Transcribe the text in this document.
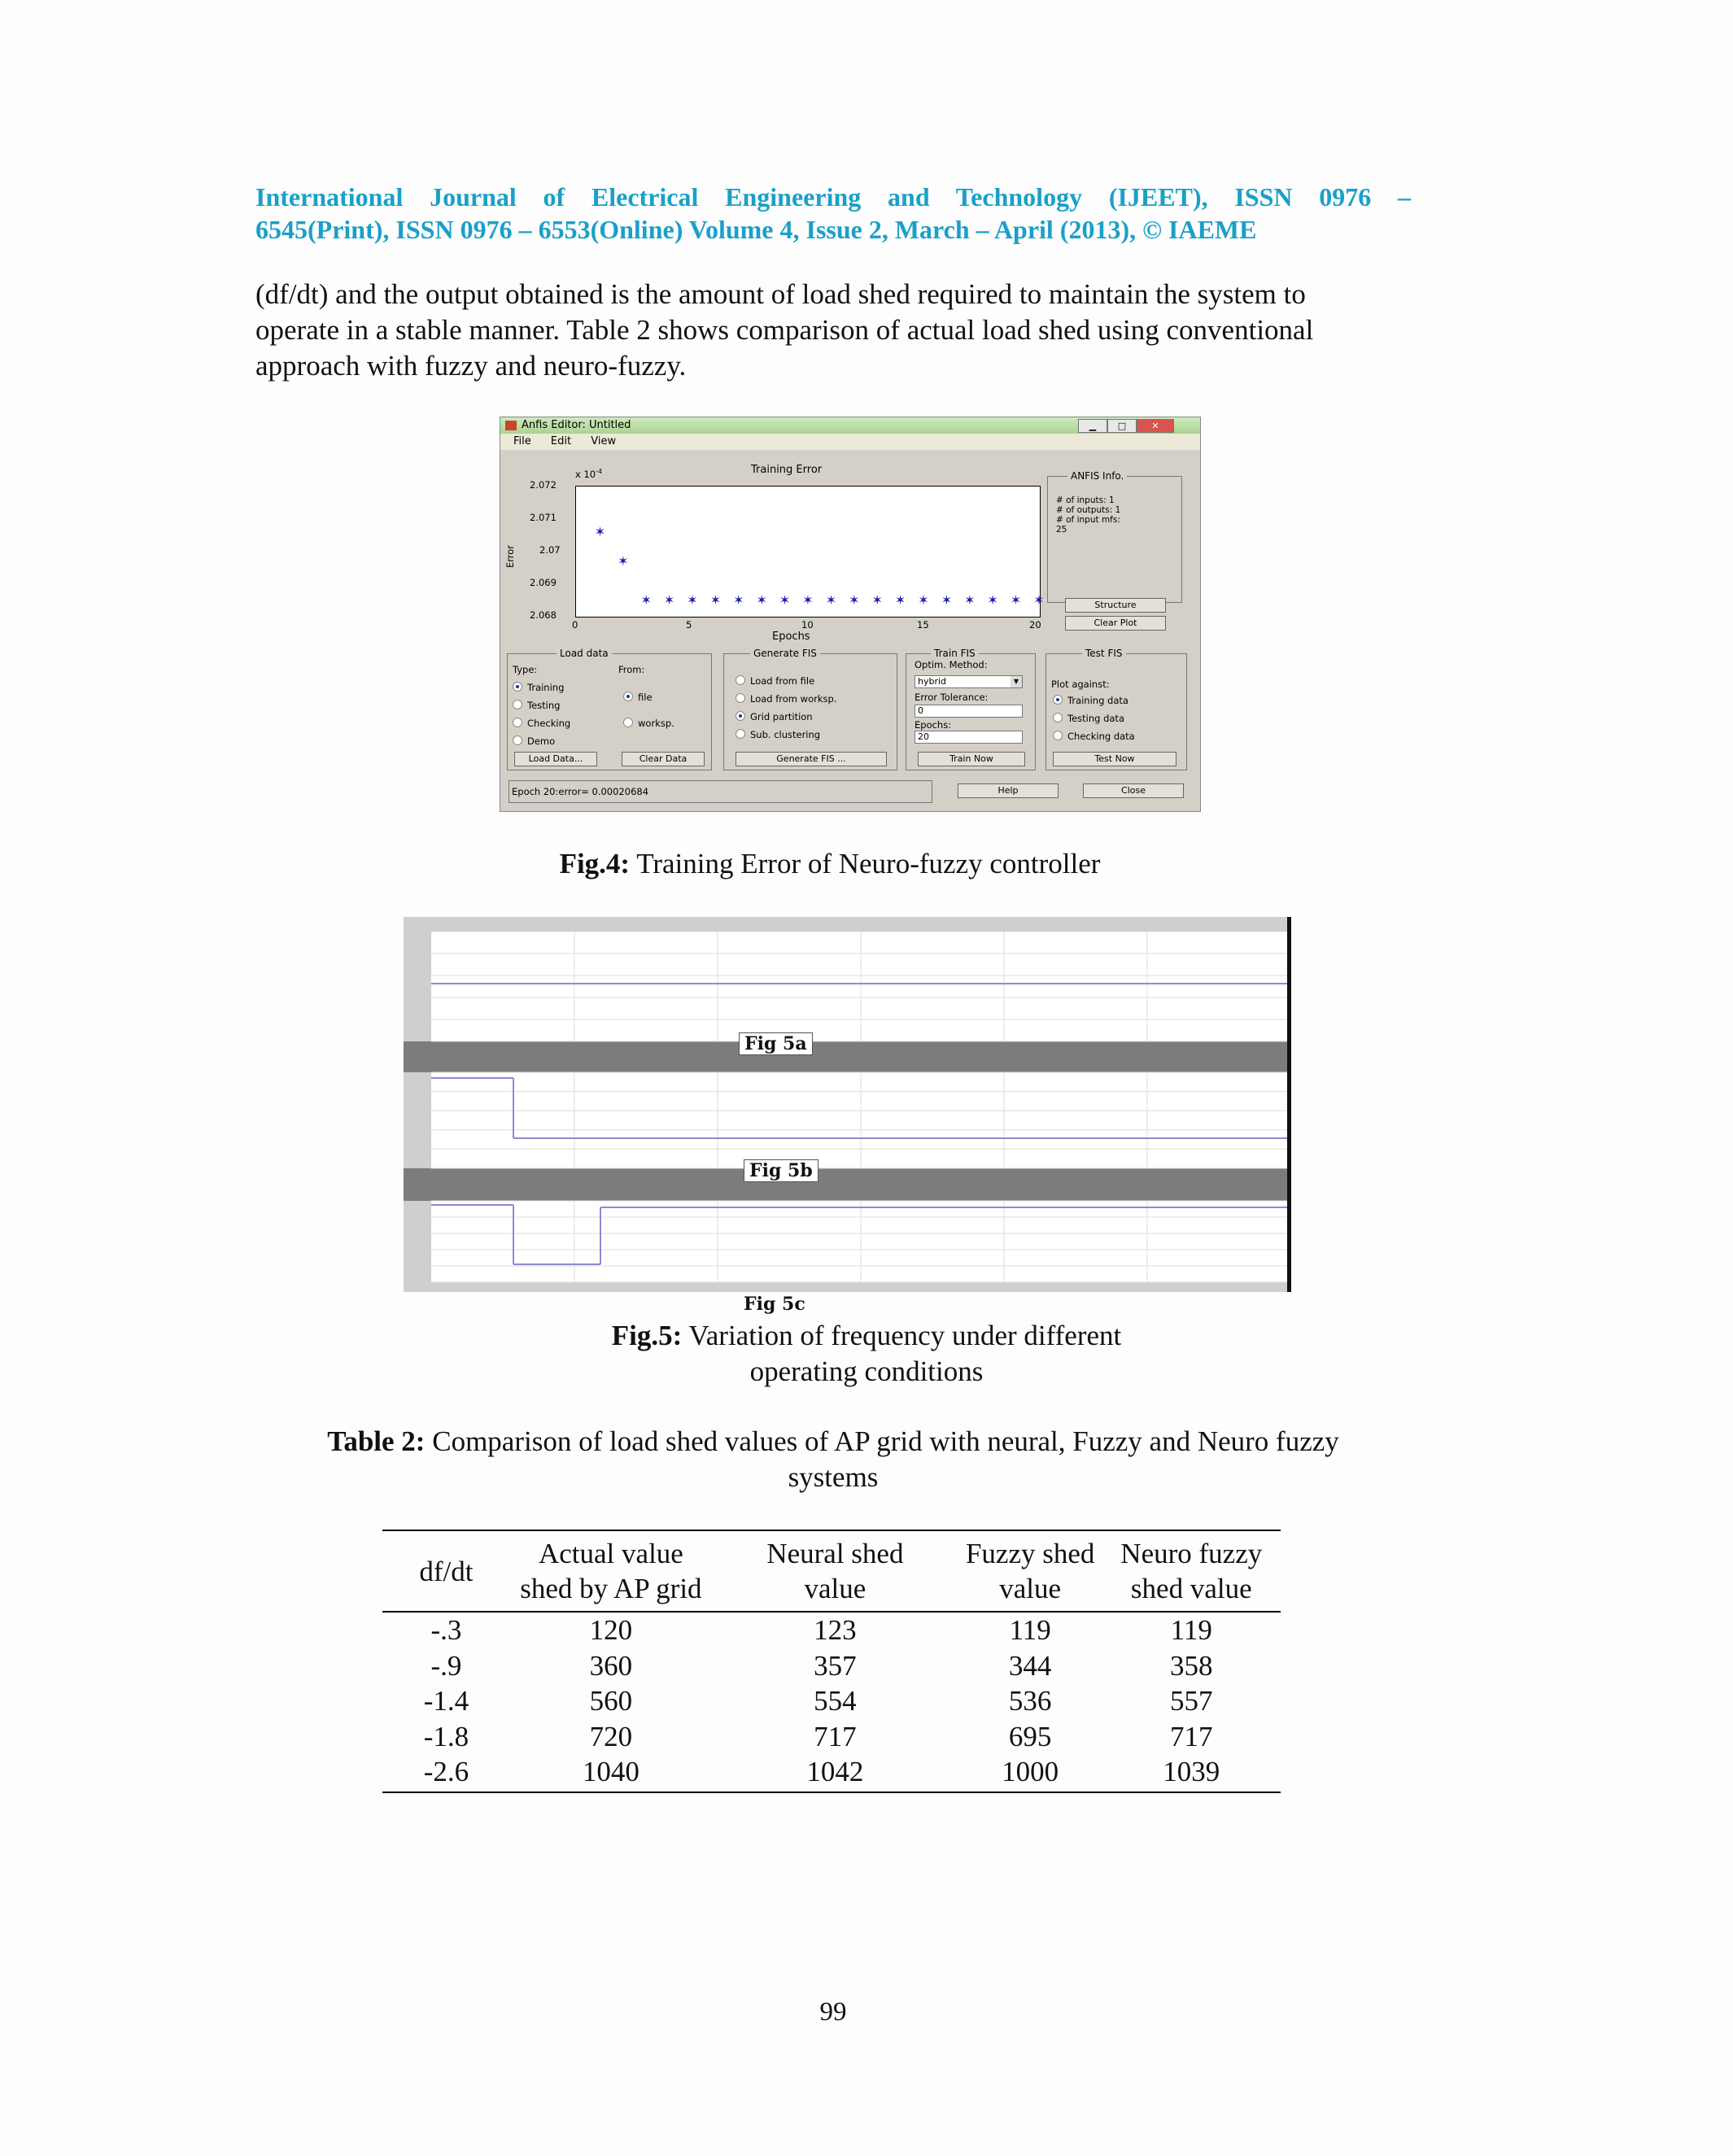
International Journal of Electrical Engineering and Technology (IJEET), ISSN 0976 –
6545(Print), ISSN 0976 – 6553(Online) Volume 4, Issue 2, March – April (2013), © IAEME
(df/dt) and the output obtained is the amount of load shed required to maintain the system to
operate in a stable manner. Table 2 shows comparison of actual load shed using conventional
approach with fuzzy and neuro-fuzzy.
Anfis Editor: Untitled	▁	□	✕
File Edit View
Training Error
x $10^{-4}$
Error
2.072
2.071
2.07
2.069
2.068
✶
✶
✶ ✶ ✶ ✶ ✶ ✶ ✶ ✶ ✶ ✶ ✶ ✶ ✶ ✶ ✶ ✶ ✶ ✶
0	5	10	15	20
Epochs
ANFIS Info.
# of inputs: 1
# of outputs: 1
# of input mfs:
25
Structure
Clear Plot
Load data
Type:	From:
Training
Testing
Checking
Demo
file
worksp.
Load Data...	Clear Data
Generate FIS
Load from file
Load from worksp.
Grid partition
Sub. clustering
Generate FIS ...
Train FIS
Optim. Method:
hybrid	▼
Error Tolerance:
0
Epochs:
20
Train Now
Test FIS
Plot against:
Training data
Testing data
Checking data
Test Now
Epoch 20:error= 0.00020684	Help	Close
Fig.4: Training Error of Neuro-fuzzy controller
Fig 5a
Fig 5b
Fig 5c
Fig.5: Variation of frequency under different
operating conditions
Table 2: Comparison of load shed values of AP grid with neural, Fuzzy and Neuro fuzzy
systems
df/dt	Actual value shed by AP grid	Neural shed value	Fuzzy shed value	Neuro fuzzy shed value
-.3	120	123	119	119
-.9	360	357	344	358
-1.4	560	554	536	557
-1.8	720	717	695	717
-2.6	1040	1042	1000	1039
99
